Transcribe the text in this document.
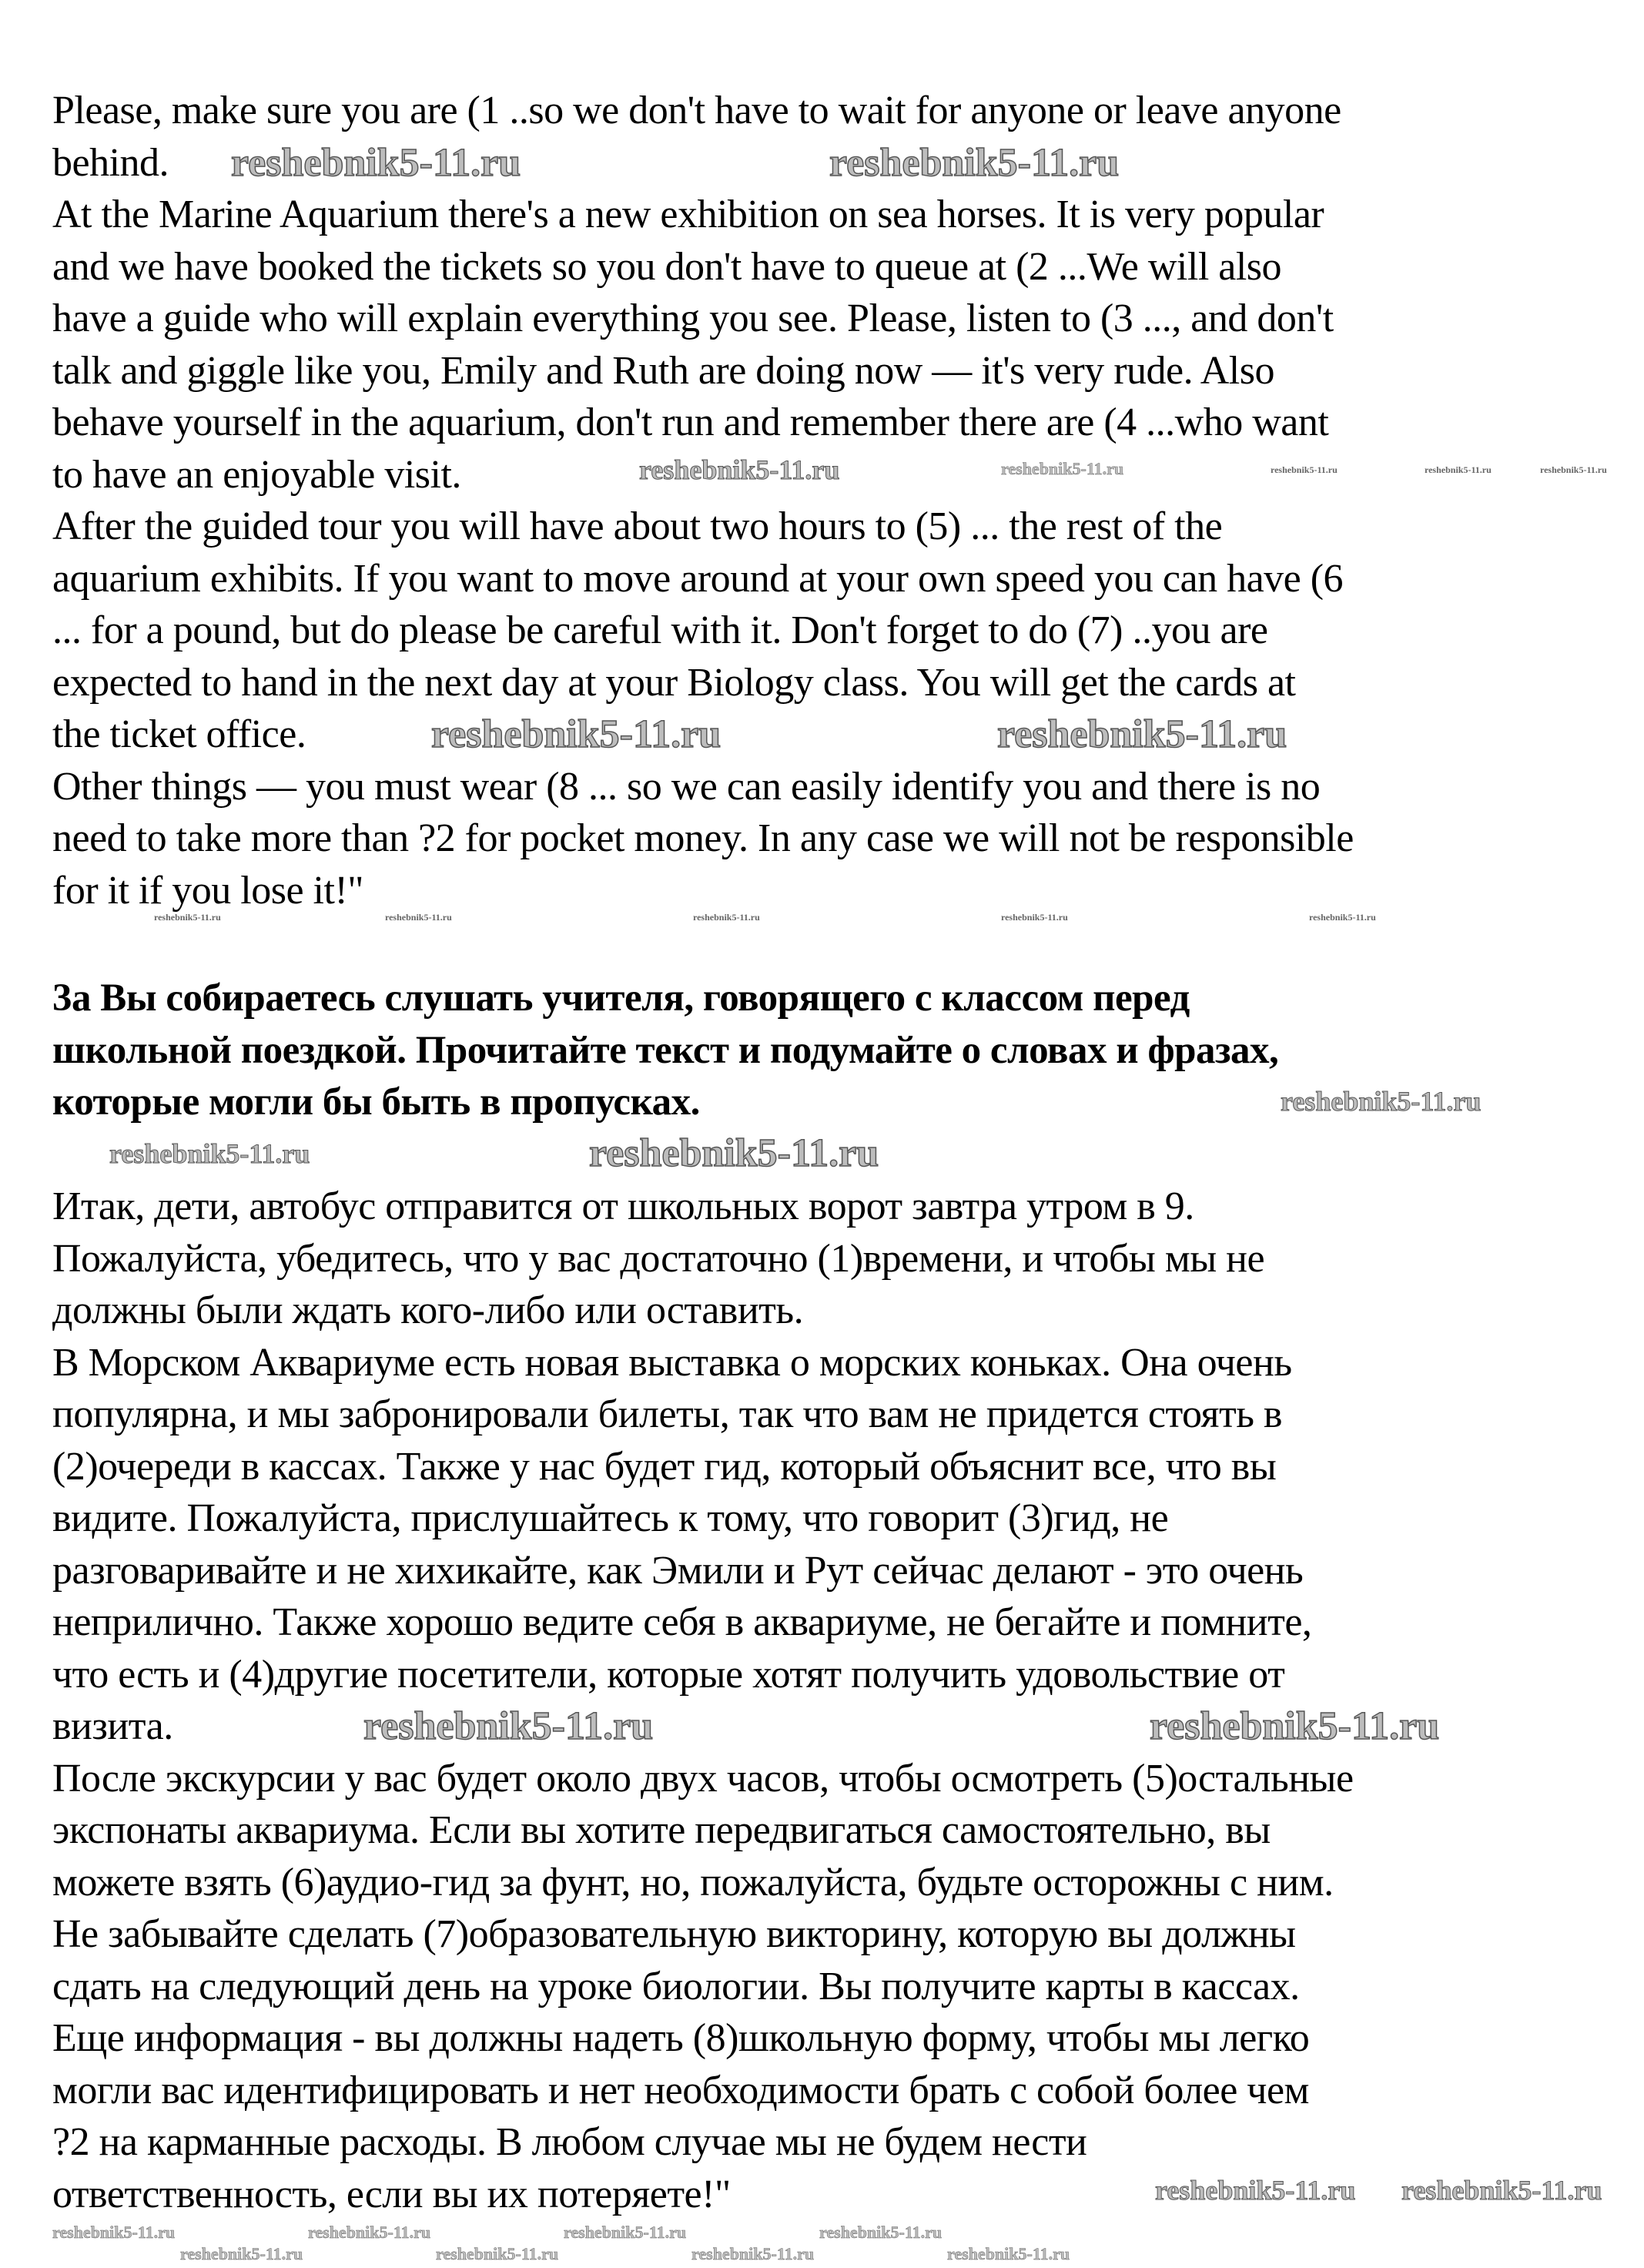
Please, make sure you are (1 ..so we don't have to wait for anyone or leave anyone
behind.
At the Marine Aquarium there's a new exhibition on sea horses. It is very popular
and we have booked the tickets so you don't have to queue at (2 ...We will also
have a guide who will explain everything you see. Please, listen to (3 ..., and don't
talk and giggle like you, Emily and Ruth are doing now — it's very rude. Also
behave yourself in the aquarium, don't run and remember there are (4 ...who want
to have an enjoyable visit.
After the guided tour you will have about two hours to (5) ... the rest of the
aquarium exhibits. If you want to move around at your own speed you can have (6
... for a pound, but do please be careful with it. Don't forget to do (7) ..you are
expected to hand in the next day at your Biology class. You will get the cards at
the ticket office.
Other things — you must wear (8 ... so we can easily identify you and there is no
need to take more than ?2 for pocket money. In any case we will not be responsible
for it if you lose it!"
3а Вы собираетесь слушать учителя, говорящего с классом перед
школьной поездкой. Прочитайте текст и подумайте о словах и фразах,
которые могли бы быть в пропусках.
Итак, дети, автобус отправится от школьных ворот завтра утром в 9.
Пожалуйста, убедитесь, что у вас достаточно (1)времени, и чтобы мы не
должны были ждать кого-либо или оставить.
В Морском Аквариуме есть новая выставка о морских коньках. Она очень
популярна, и мы забронировали билеты, так что вам не придется стоять в
(2)очереди в кассах. Также у нас будет гид, который объяснит все, что вы
видите. Пожалуйста, прислушайтесь к тому, что говорит (3)гид, не
разговаривайте и не хихикайте, как Эмили и Рут сейчас делают - это очень
неприлично. Также хорошо ведите себя в аквариуме, не бегайте и помните,
что есть и (4)другие посетители, которые хотят получить удовольствие от
визита.
После экскурсии у вас будет около двух часов, чтобы осмотреть (5)остальные
экспонаты аквариума. Если вы хотите передвигаться самостоятельно, вы
можете взять (6)аудио-гид за фунт, но, пожалуйста, будьте осторожны с ним.
Не забывайте сделать (7)образовательную викторину, которую вы должны
сдать на следующий день на уроке биологии. Вы получите карты в кассах.
Еще информация - вы должны надеть (8)школьную форму, чтобы мы легко
могли вас идентифицировать и нет необходимости брать с собой более чем
?2 на карманные расходы. В любом случае мы не будем нести
ответственность, если вы их потеряете!"
reshebnik5-11.ru	reshebnik5-11.ru
reshebnik5-11.ru	reshebnik5-11.ru	reshebnik5-11.ru	reshebnik5-11.ru	reshebnik5-11.ru
reshebnik5-11.ru	reshebnik5-11.ru	reshebnik5-11.ru	reshebnik5-11.ru	reshebnik5-11.ru
reshebnik5-11.ru	reshebnik5-11.ru
reshebnik5-11.ru
reshebnik5-11.ru
reshebnik5-11.ru
reshebnik5-11.ru	reshebnik5-11.ru
reshebnik5-11.ru reshebnik5-11.ru
reshebnik5-11.ru	reshebnik5-11.ru	reshebnik5-11.ru	reshebnik5-11.ru
reshebnik5-11.ru	reshebnik5-11.ru	reshebnik5-11.ru	reshebnik5-11.ru
